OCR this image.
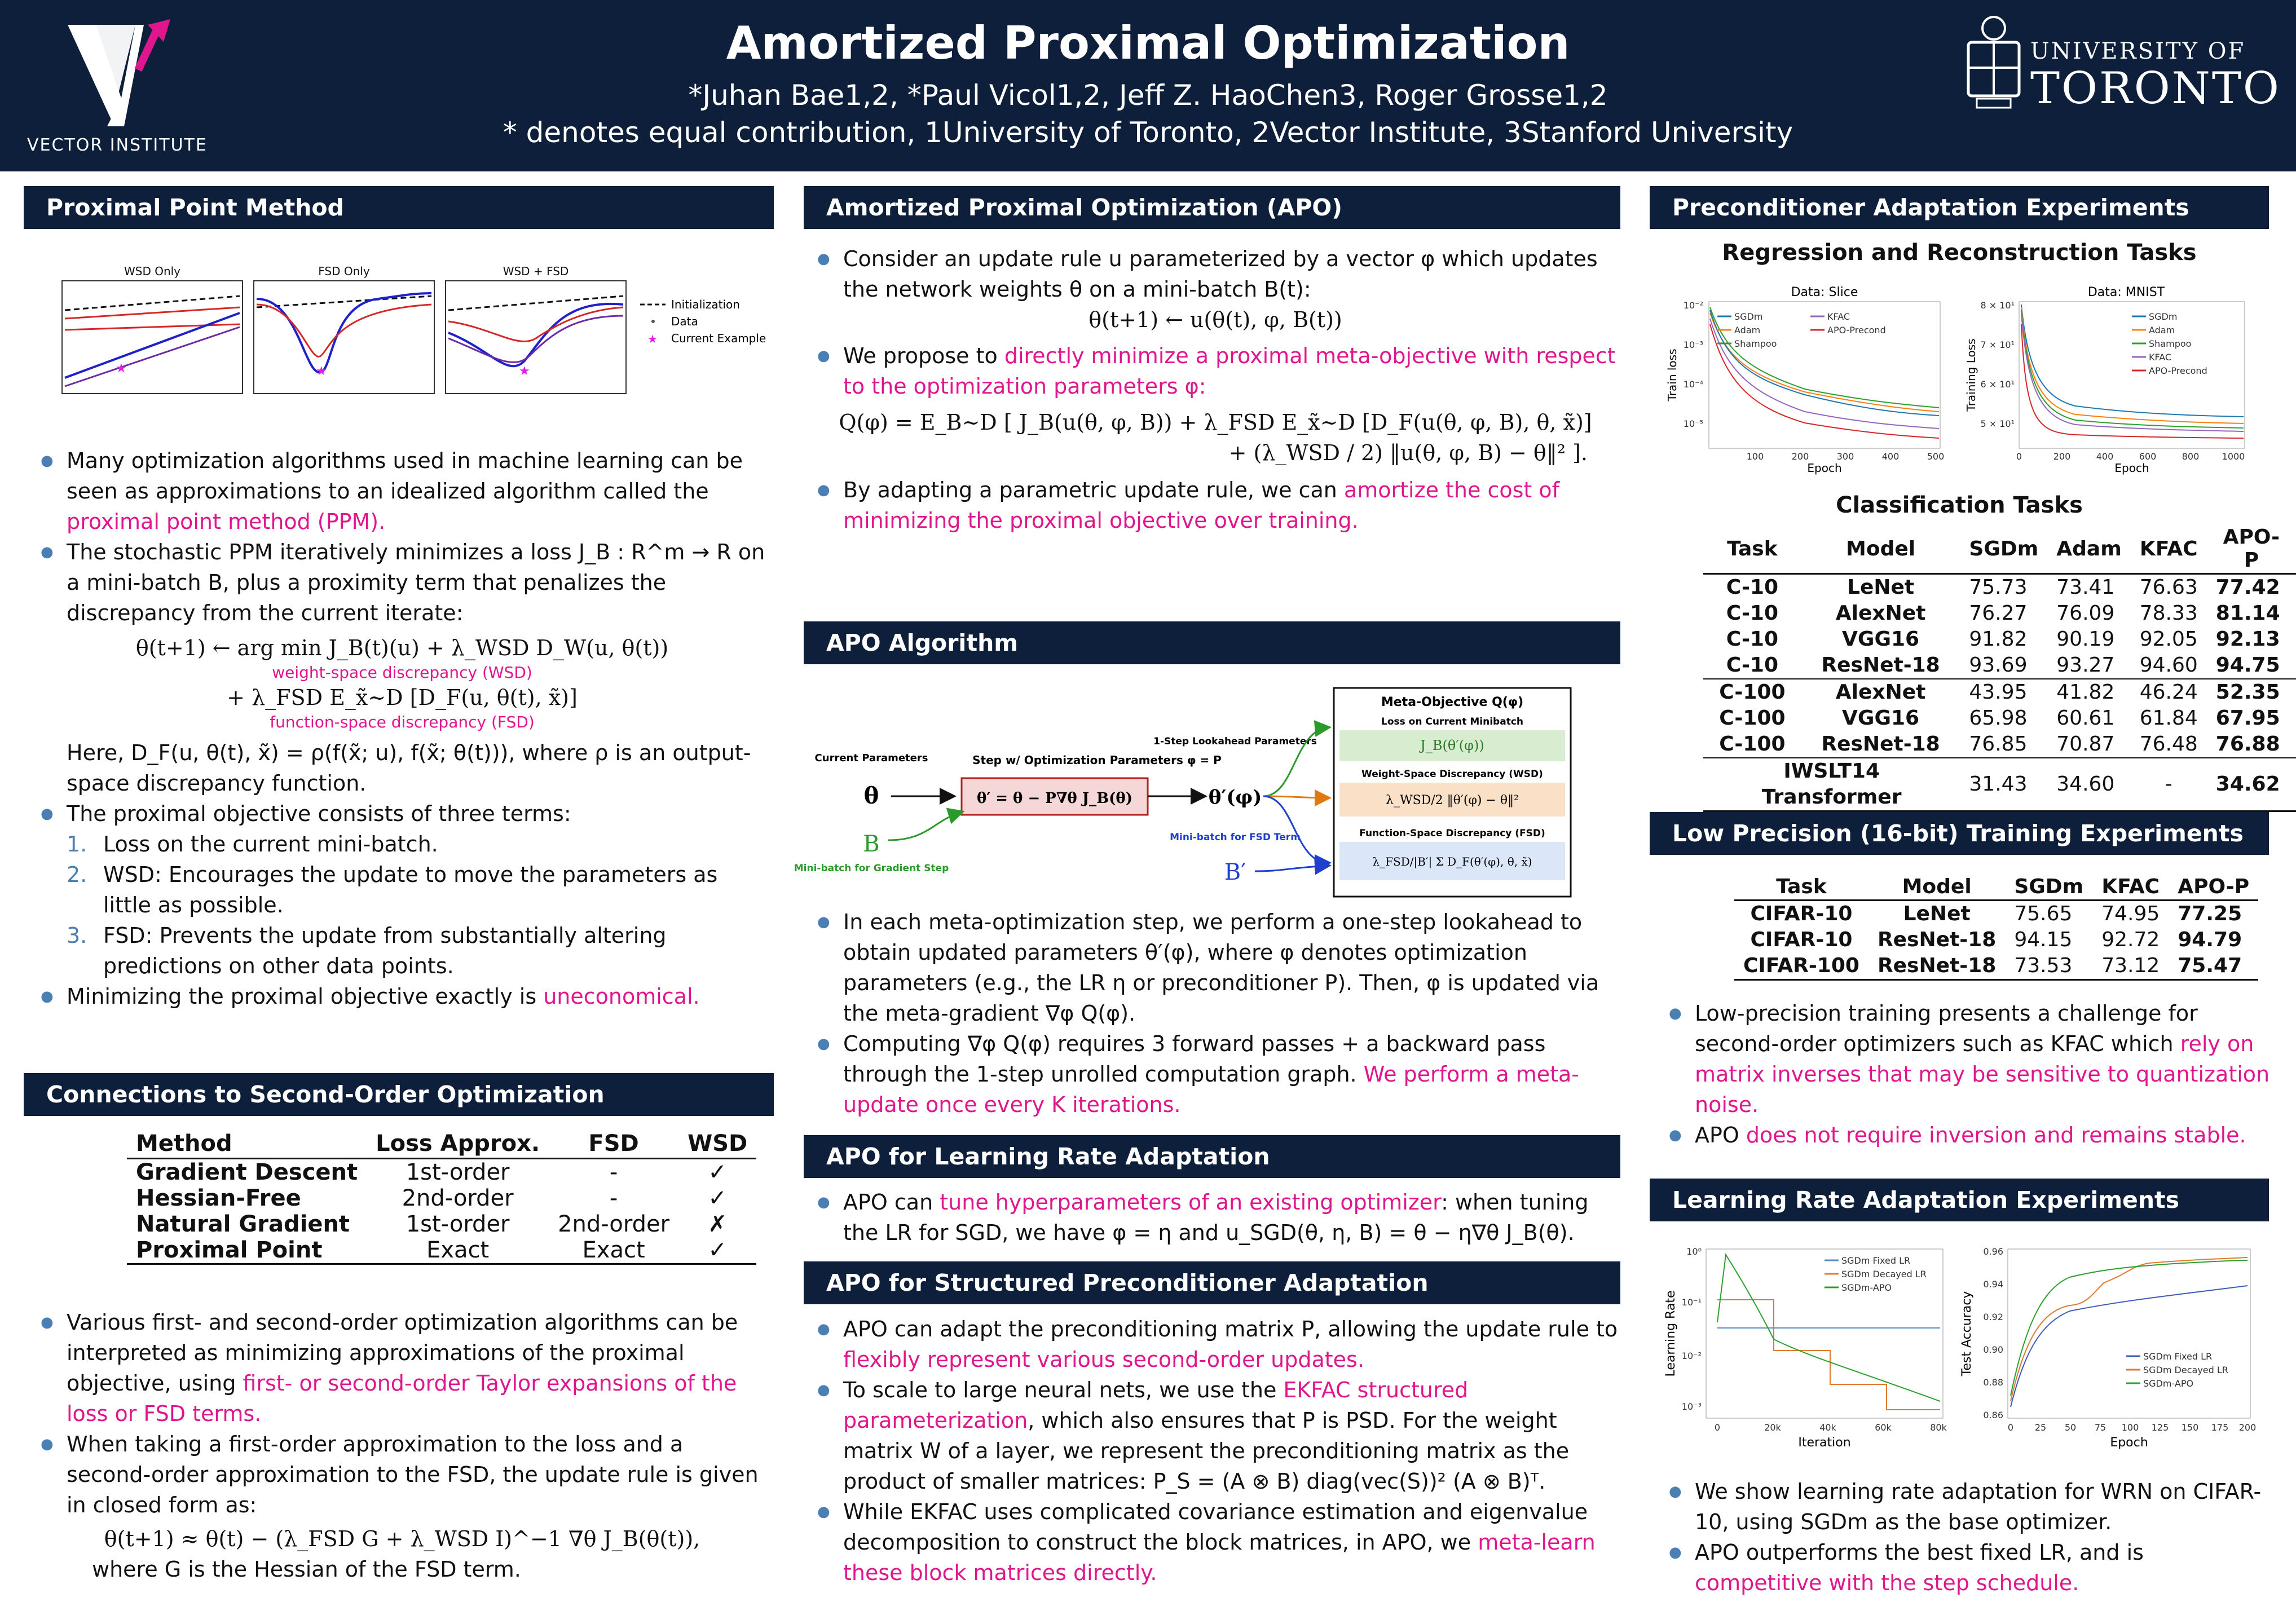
VECTOR INSTITUTE
Amortized Proximal Optimization
*Juhan Bae1,2, *Paul Vicol1,2, Jeff Z. HaoChen3, Roger Grosse1,2
* denotes equal contribution, 1University of Toronto, 2Vector Institute, 3Stanford University
UNIVERSITY OF
TORONTO
Proximal Point Method
WSD Only
★
FSD Only
★
WSD + FSD
★
Initialization
Data
★ Current Example
● Many optimization algorithms used in machine learning can be seen as approximations to an idealized algorithm called the proximal point method (PPM).
● The stochastic PPM iteratively minimizes a loss J_B : R^m → R on a mini-batch B, plus a proximity term that penalizes the discrepancy from the current iterate:
θ(t+1) ← arg min J_B(t)(u) + λ_WSD D_W(u, θ(t))
weight-space discrepancy (WSD)
+ λ_FSD E_x̃∼D [D_F(u, θ(t), x̃)]
function-space discrepancy (FSD)
Here, D_F(u, θ(t), x̃) = ρ(f(x̃; u), f(x̃; θ(t))), where ρ is an output-space discrepancy function.
● The proximal objective consists of three terms:
1. Loss on the current mini-batch.
2. WSD: Encourages the update to move the parameters as little as possible.
3. FSD: Prevents the update from substantially altering predictions on other data points.
● Minimizing the proximal objective exactly is uneconomical.
Connections to Second-Order Optimization
Method	Loss Approx.	FSD	WSD
Gradient Descent	1st-order	-	✓
Hessian-Free	2nd-order	-	✓
Natural Gradient	1st-order	2nd-order	✗
Proximal Point	Exact	Exact	✓
● Various first- and second-order optimization algorithms can be interpreted as minimizing approximations of the proximal objective, using first- or second-order Taylor expansions of the loss or FSD terms.
● When taking a first-order approximation to the loss and a second-order approximation to the FSD, the update rule is given in closed form as:
θ(t+1) ≈ θ(t) − (λ_FSD G + λ_WSD I)^−1 ∇θ J_B(θ(t)),
where G is the Hessian of the FSD term.
Amortized Proximal Optimization (APO)
● Consider an update rule u parameterized by a vector φ which updates the network weights θ on a mini-batch B(t):
θ(t+1) ← u(θ(t), φ, B(t))
● We propose to directly minimize a proximal meta-objective with respect to the optimization parameters φ:
Q(φ) = E_B∼D [ J_B(u(θ, φ, B)) + λ_FSD E_x̃∼D [D_F(u(θ, φ, B), θ, x̃)]
+ (λ_WSD / 2) ‖u(θ, φ, B) − θ‖² ].
● By adapting a parametric update rule, we can amortize the cost of minimizing the proximal objective over training.
APO Algorithm
Current Parameters
θ
Step w/ Optimization Parameters φ = P
θ′ = θ − P∇θ J_B(θ)
1-Step Lookahead Parameters
θ′(φ)
B
Mini-batch for Gradient Step
Mini-batch for FSD Term
B′
Meta-Objective Q(φ)
Loss on Current Minibatch
J_B(θ′(φ))
Weight-Space Discrepancy (WSD)
λ_WSD/2 ‖θ′(φ) − θ‖²
Function-Space Discrepancy (FSD)
λ_FSD/|B′| Σ D_F(θ′(φ), θ, x̃)
● In each meta-optimization step, we perform a one-step lookahead to obtain updated parameters θ′(φ), where φ denotes optimization parameters (e.g., the LR η or preconditioner P). Then, φ is updated via the meta-gradient ∇φ Q(φ).
● Computing ∇φ Q(φ) requires 3 forward passes + a backward pass through the 1-step unrolled computation graph. We perform a meta-update once every K iterations.
APO for Learning Rate Adaptation
● APO can tune hyperparameters of an existing optimizer: when tuning the LR for SGD, we have φ = η and u_SGD(θ, η, B) = θ − η∇θ J_B(θ).
APO for Structured Preconditioner Adaptation
● APO can adapt the preconditioning matrix P, allowing the update rule to flexibly represent various second-order updates.
● To scale to large neural nets, we use the EKFAC structured parameterization, which also ensures that P is PSD. For the weight matrix W of a layer, we represent the preconditioning matrix as the product of smaller matrices: P_S = (A ⊗ B) diag(vec(S))² (A ⊗ B)ᵀ.
● While EKFAC uses complicated covariance estimation and eigenvalue decomposition to construct the block matrices, in APO, we meta-learn these block matrices directly.
Preconditioner Adaptation Experiments
Regression and Reconstruction Tasks
Data: Slice
10⁻²
10⁻³
10⁻⁴
10⁻⁵
100	200	300	400	500
Epoch
Train loss
SGDm
Adam
Shampoo
KFAC
APO-Precond
Data: MNIST
8 × 10¹
7 × 10¹
6 × 10¹
5 × 10¹
0	200	400	600	800	1000
Epoch
Training Loss
SGDm
Adam
Shampoo
KFAC
APO-Precond
Classification Tasks
Task	Model	SGDm	Adam	KFAC	APO-P
C-10	LeNet	75.73	73.41	76.63	77.42
C-10	AlexNet	76.27	76.09	78.33	81.14
C-10	VGG16	91.82	90.19	92.05	92.13
C-10	ResNet-18	93.69	93.27	94.60	94.75
C-100	AlexNet	43.95	41.82	46.24	52.35
C-100	VGG16	65.98	60.61	61.84	67.95
C-100	ResNet-18	76.85	70.87	76.48	76.88
IWSLT14 Transformer		31.43	34.60	-	34.62
Low Precision (16-bit) Training Experiments
Task	Model	SGDm	KFAC	APO-P
CIFAR-10	LeNet	75.65	74.95	77.25
CIFAR-10	ResNet-18	94.15	92.72	94.79
CIFAR-100	ResNet-18	73.53	73.12	75.47
● Low-precision training presents a challenge for second-order optimizers such as KFAC which rely on matrix inverses that may be sensitive to quantization noise.
● APO does not require inversion and remains stable.
Learning Rate Adaptation Experiments
10⁰
10⁻¹
10⁻²
10⁻³
0	20k	40k	60k	80k
Iteration
Learning Rate
SGDm Fixed LR
SGDm Decayed LR
SGDm-APO
0.96
0.94
0.92
0.90
0.88
0.86
0 25 50 75 100 125 150 175 200
Epoch
Test Accuracy	SGDm Fixed LR
SGDm Decayed LR
SGDm-APO
● We show learning rate adaptation for WRN on CIFAR-10, using SGDm as the base optimizer.
● APO outperforms the best fixed LR, and is competitive with the step schedule.
